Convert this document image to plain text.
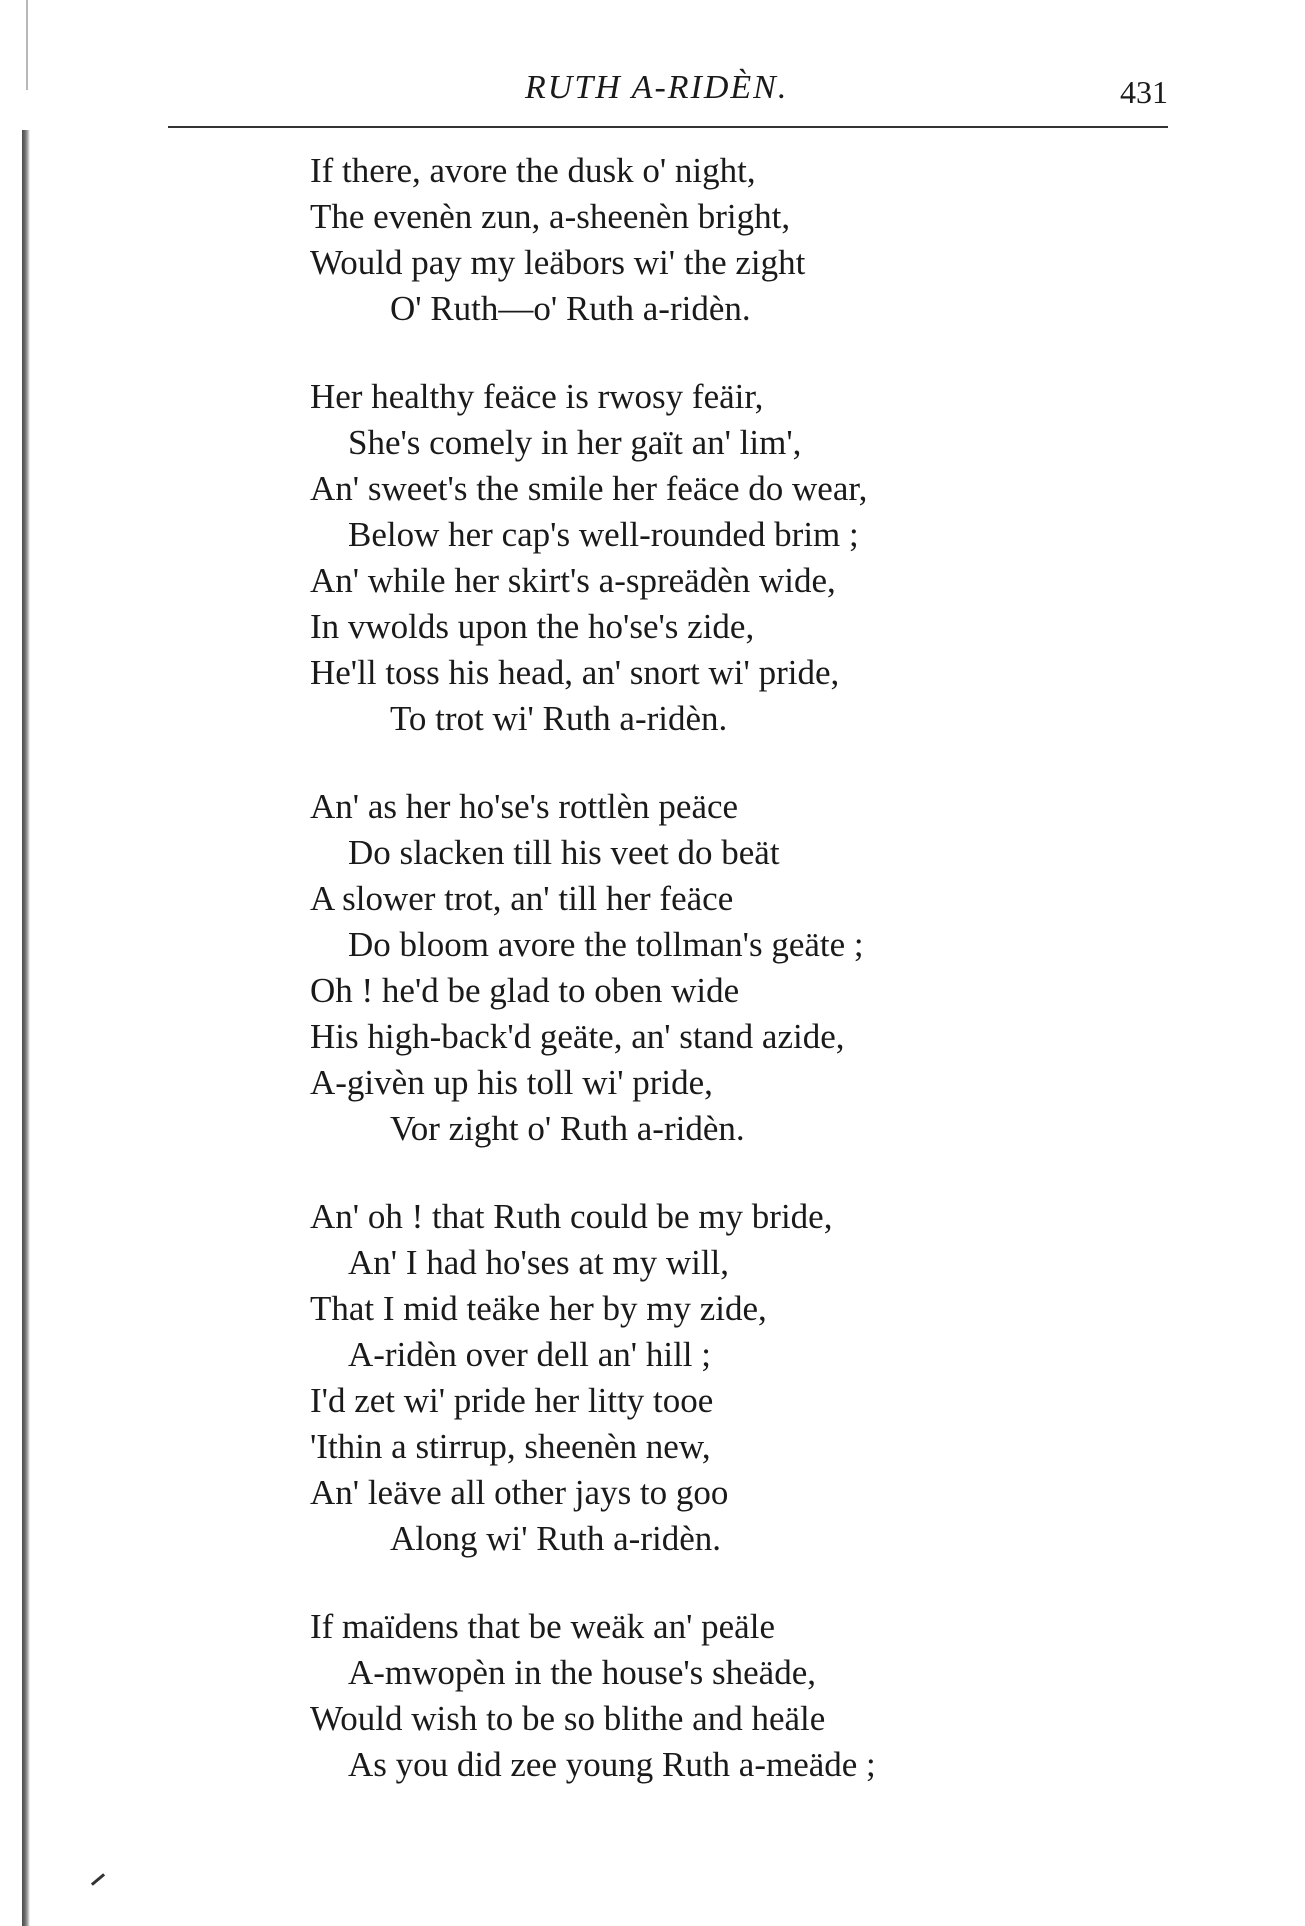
RUTH A-RIDÈN.	431
If there, avore the dusk o' night,
The evenèn zun, a-sheenèn bright,
Would pay my leäbors wi' the zight
O' Ruth—o' Ruth a-ridèn.
Her healthy feäce is rwosy feäir,
She's comely in her gaït an' lim',
An' sweet's the smile her feäce do wear,
Below her cap's well-rounded brim ;
An' while her skirt's a-spreädèn wide,
In vwolds upon the ho'se's zide,
He'll toss his head, an' snort wi' pride,
To trot wi' Ruth a-ridèn.
An' as her ho'se's rottlèn peäce
Do slacken till his veet do beät
A slower trot, an' till her feäce
Do bloom avore the tollman's geäte ;
Oh ! he'd be glad to oben wide
His high-back'd geäte, an' stand azide,
A-givèn up his toll wi' pride,
Vor zight o' Ruth a-ridèn.
An' oh ! that Ruth could be my bride,
An' I had ho'ses at my will,
That I mid teäke her by my zide,
A-ridèn over dell an' hill ;
I'd zet wi' pride her litty tooe
'Ithin a stirrup, sheenèn new,
An' leäve all other jays to goo
Along wi' Ruth a-ridèn.
If maïdens that be weäk an' peäle
A-mwopèn in the house's sheäde,
Would wish to be so blithe and heäle
As you did zee young Ruth a-meäde ;
